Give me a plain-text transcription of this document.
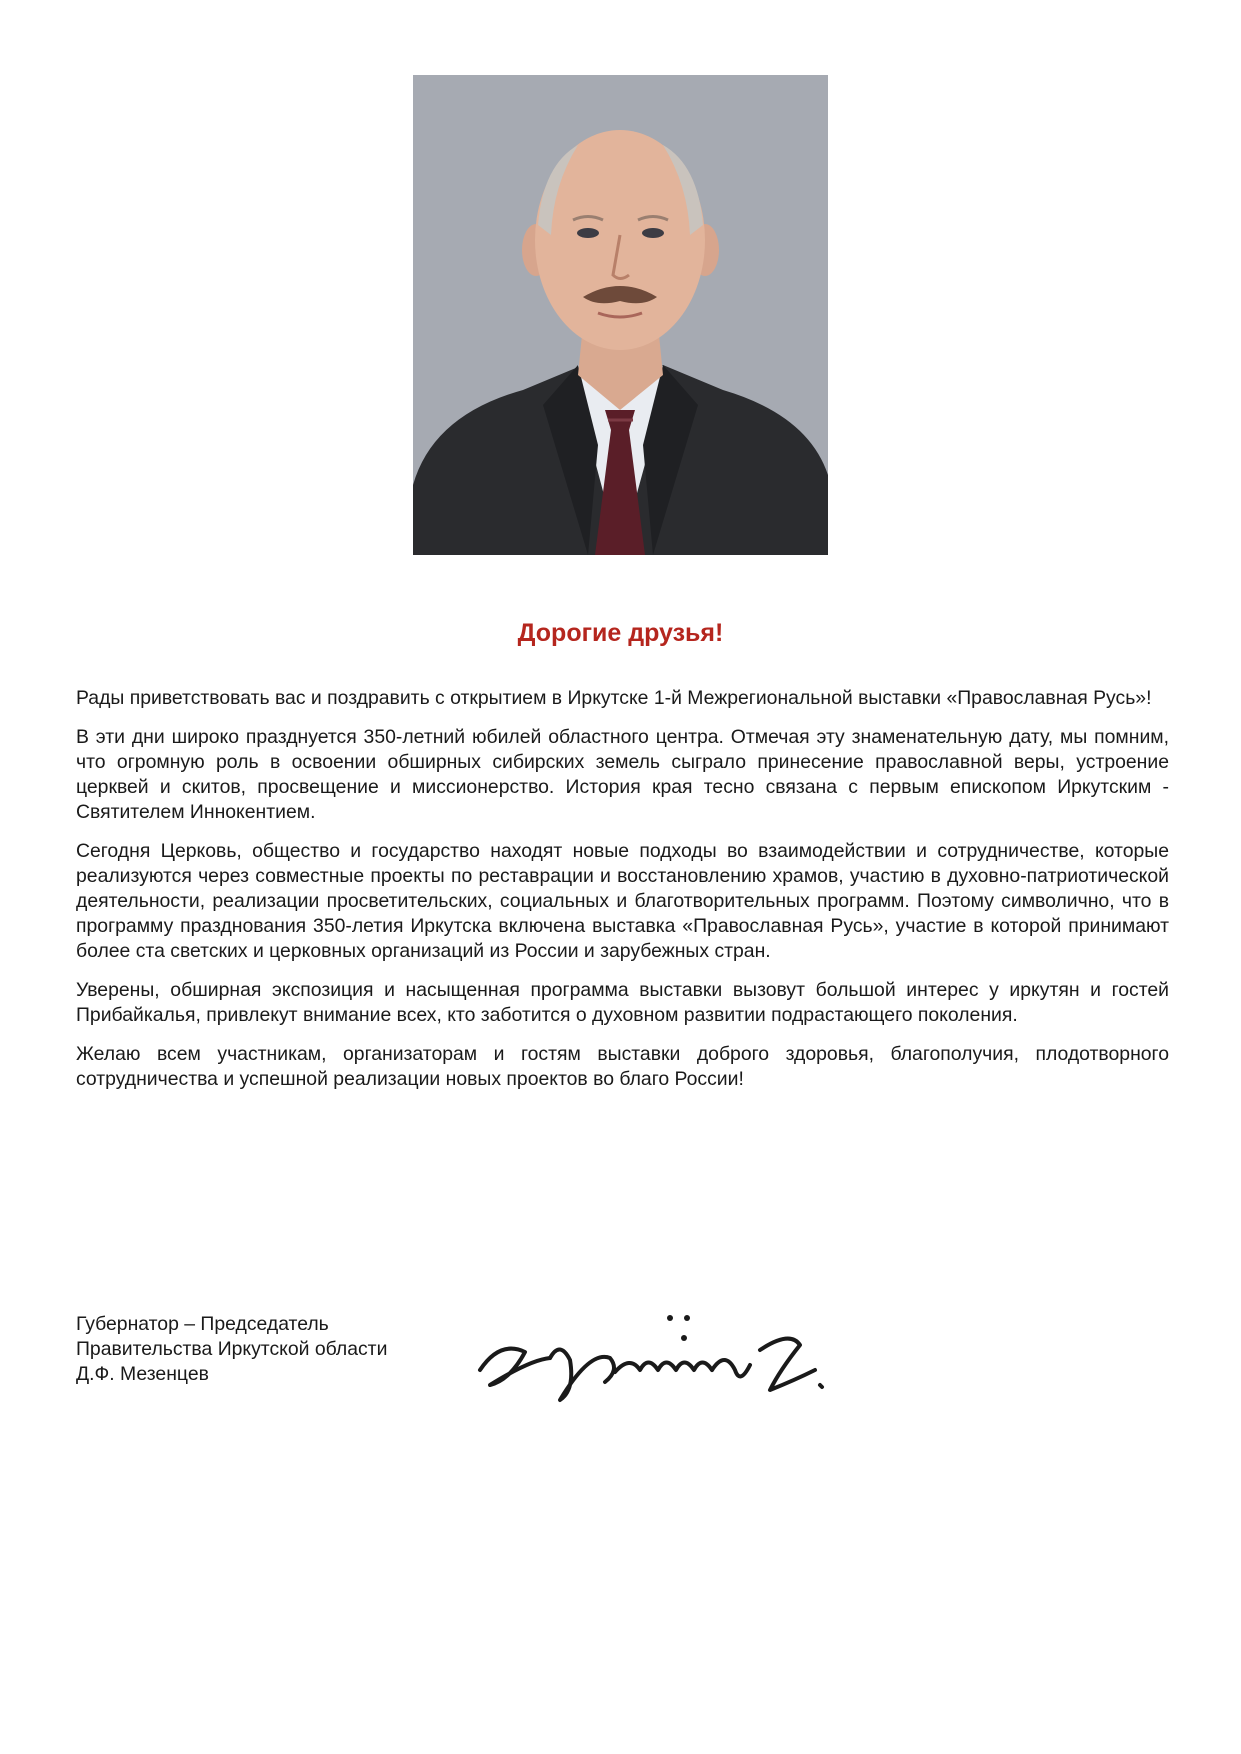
Дорогие друзья!

Рады приветствовать вас и поздравить с открытием в Иркутске 1-й Межрегиональной выставки «Православная Русь»!

В эти дни широко празднуется 350-летний юбилей областного центра. Отмечая эту знаменательную дату, мы помним, что огромную роль в освоении обширных сибирских земель сыграло принесение православной веры, устроение церквей и скитов, просвещение и миссионерство. История края тесно связана с первым епископом Иркутским - Святителем Иннокентием.

Сегодня Церковь, общество и государство находят новые подходы во взаимодействии и сотрудничестве, которые реализуются через совместные проекты по реставрации и восстановлению храмов, участию в духовно-патриотической деятельности, реализации просветительских, социальных и благотворительных программ. Поэтому символично, что в программу празднования 350-летия Иркутска включена выставка «Православная Русь», участие в которой принимают более ста светских и церковных организаций из России и зарубежных стран.

Уверены, обширная экспозиция и насыщенная программа выставки вызовут большой интерес у иркутян и гостей Прибайкалья, привлекут внимание всех, кто заботится о духовном развитии подрастающего поколения.

Желаю всем участникам, организаторам и гостям выставки доброго здоровья, благополучия, плодотворного сотрудничества и успешной реализации новых проектов во благо России!

Губернатор – Председатель
Правительства Иркутской области
Д.Ф. Мезенцев
